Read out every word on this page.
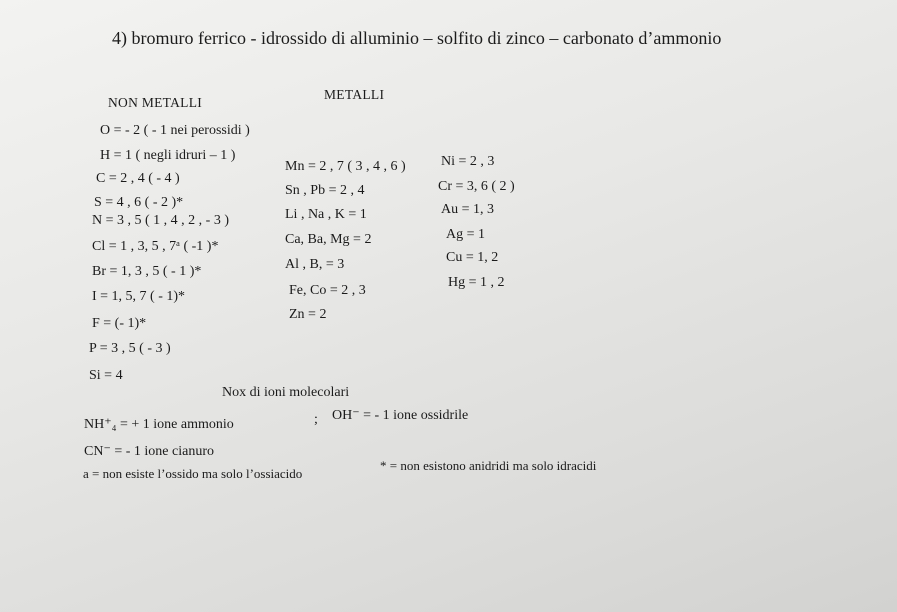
4) bromuro ferrico - idrossido di alluminio – solfito di zinco – carbonato d’ammonio
NON METALLI
METALLI
O = - 2 ( - 1 nei perossidi )
H = 1 ( negli idruri – 1 )
C = 2 , 4 ( - 4 )
S = 4 , 6 ( - 2 )*
N = 3 , 5 ( 1 , 4 , 2 , - 3 )
Cl = 1 , 3, 5 , 7ᵃ ( -1 )*
Br = 1, 3 , 5 ( - 1 )*
I = 1, 5, 7 ( - 1)*
F = (- 1)*
P = 3 , 5 ( - 3 )
Si = 4
Mn = 2 , 7 ( 3 , 4 , 6 )
Sn , Pb = 2 , 4
Li , Na , K = 1
Ca, Ba, Mg = 2
Al , B, = 3
Fe, Co = 2 , 3
Zn = 2
Ni = 2 , 3
Cr = 3, 6 ( 2 )
Au = 1, 3
Ag = 1
Cu = 1, 2
Hg = 1 , 2
Nox di ioni molecolari
NH⁺₄ = + 1 ione ammonio	; OH⁻ = - 1 ione ossidrile
CN⁻ = - 1 ione cianuro
a = non esiste l’ossido ma solo l’ossiacido
* = non esistono anidridi ma solo idracidi
